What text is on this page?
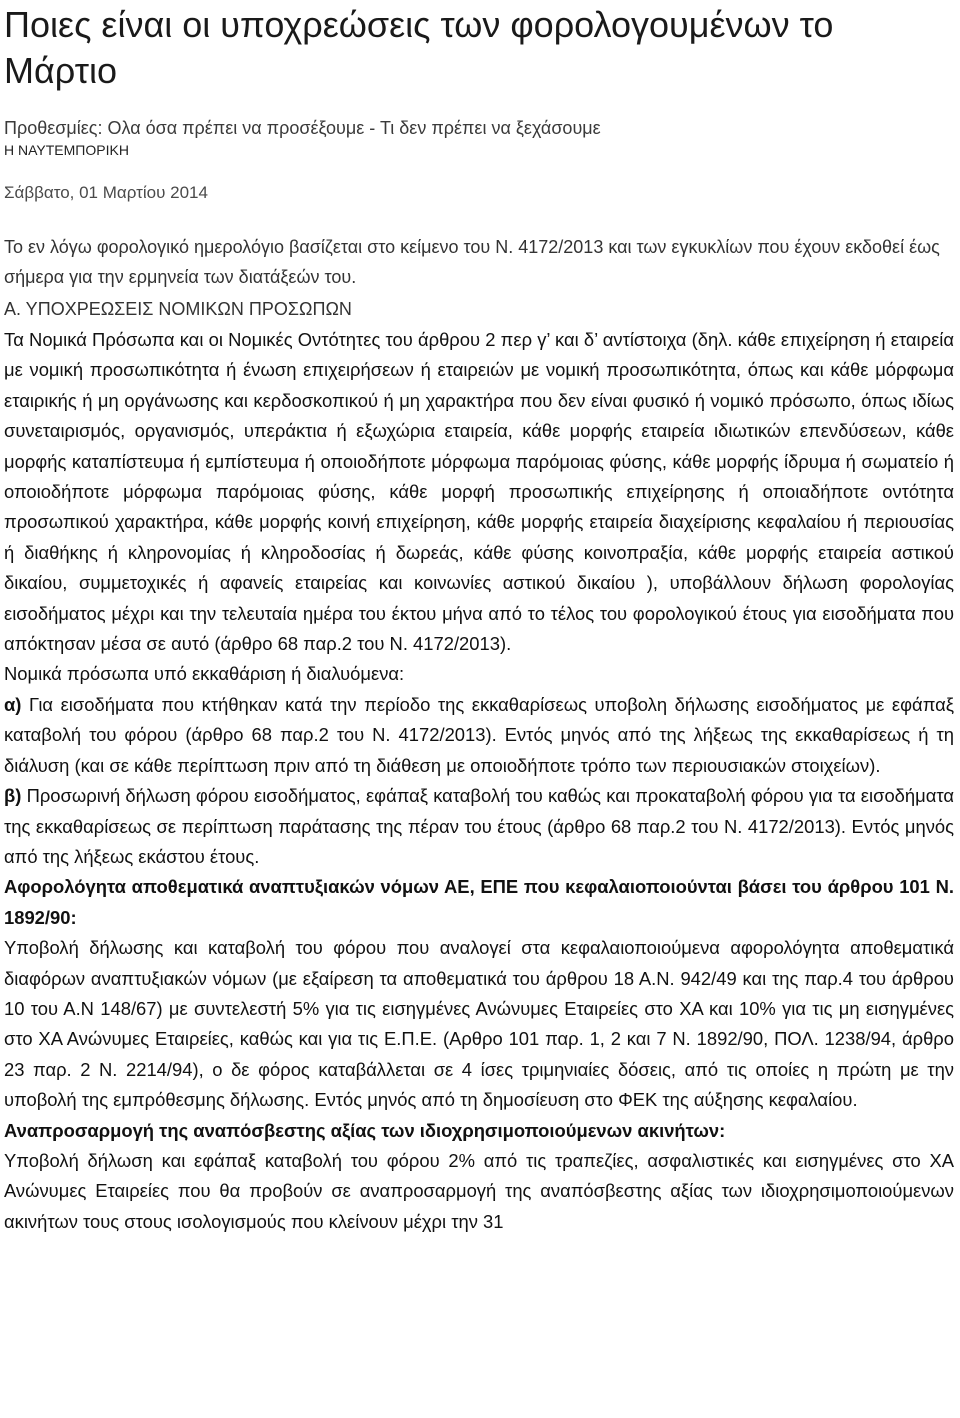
Ποιες είναι οι υποχρεώσεις των φορολογουμένων το Μάρτιο
Προθεσμίες: Ολα όσα πρέπει να προσέξουμε - Τι δεν πρέπει να ξεχάσουμε
Η ΝΑΥΤΕΜΠΟΡΙΚΗ
Σάββατο, 01 Μαρτίου 2014

Το εν λόγω φορολογικό ημερολόγιο βασίζεται στο κείμενο του Ν. 4172/2013 και των εγκυκλίων που έχουν εκδοθεί έως σήμερα για την ερμηνεία των διατάξεών του.

Α. ΥΠΟΧΡΕΩΣΕΙΣ ΝΟΜΙΚΩΝ ΠΡΟΣΩΠΩΝ

Τα Νομικά Πρόσωπα και οι Νομικές Οντότητες του άρθρου 2 περ γ’ και δ’ αντίστοιχα (δηλ. κάθε επιχείρηση ή εταιρεία με νομική προσωπικότητα ή ένωση επιχειρήσεων ή εταιρειών με νομική προσωπικότητα, όπως και κάθε μόρφωμα εταιρικής ή μη οργάνωσης και κερδοσκοπικού ή μη χαρακτήρα που δεν είναι φυσικό ή νομικό πρόσωπο, όπως ιδίως συνεταιρισμός, οργανισμός, υπεράκτια ή εξωχώρια εταιρεία, κάθε μορφής εταιρεία ιδιωτικών επενδύσεων, κάθε μορφής καταπίστευμα ή εμπίστευμα ή οποιοδήποτε μόρφωμα παρόμοιας φύσης, κάθε μορφής ίδρυμα ή σωματείο ή οποιοδήποτε μόρφωμα παρόμοιας φύσης, κάθε μορφή προσωπικής επιχείρησης ή οποιαδήποτε οντότητα προσωπικού χαρακτήρα, κάθε μορφής κοινή επιχείρηση, κάθε μορφής εταιρεία διαχείρισης κεφαλαίου ή περιουσίας ή διαθήκης ή κληρονομίας ή κληροδοσίας ή δωρεάς, κάθε φύσης κοινοπραξία, κάθε μορφής εταιρεία αστικού δικαίου, συμμετοχικές ή αφανείς εταιρείας και κοινωνίες αστικού δικαίου ), υποβάλλουν δήλωση φορολογίας εισοδήματος μέχρι και την τελευταία ημέρα του έκτου μήνα από το τέλος του φορολογικού έτους για εισοδήματα που απόκτησαν μέσα σε αυτό (άρθρο 68 παρ.2 του Ν. 4172/2013).

Νομικά πρόσωπα υπό εκκαθάριση ή διαλυόμενα:

α) Για εισοδήματα που κτήθηκαν κατά την περίοδο της εκκαθαρίσεως υποβολη δήλωσης εισοδήματος με εφάπαξ καταβολή του φόρου (άρθρο 68 παρ.2 του Ν. 4172/2013). Εντός μηνός από της λήξεως της εκκαθαρίσεως ή τη διάλυση (και σε κάθε περίπτωση πριν από τη διάθεση με οποιοδήποτε τρόπο των περιουσιακών στοιχείων).

β) Προσωρινή δήλωση φόρου εισοδήματος, εφάπαξ καταβολή του καθώς και προκαταβολή φόρου για τα εισοδήματα της εκκαθαρίσεως σε περίπτωση παράτασης της πέραν του έτους (άρθρο 68 παρ.2 του Ν. 4172/2013). Εντός μηνός από της λήξεως εκάστου έτους.

Αφορολόγητα αποθεματικά αναπτυξιακών νόμων ΑΕ, ΕΠΕ που κεφαλαιοποιούνται βάσει του άρθρου 101 Ν. 1892/90:

Υποβολή δήλωσης και καταβολή του φόρου που αναλογεί στα κεφαλαιοποιούμενα αφορολόγητα αποθεματικά διαφόρων αναπτυξιακών νόμων (με εξαίρεση τα αποθεματικά του άρθρου 18 Α.Ν. 942/49 και της παρ.4 του άρθρου 10 του Α.Ν 148/67) με συντελεστή 5% για τις εισηγμένες Ανώνυμες Εταιρείες στο ΧΑ και 10% για τις μη εισηγμένες στο ΧΑ Ανώνυμες Εταιρείες, καθώς και για τις Ε.Π.Ε. (Αρθρο 101 παρ. 1, 2 και 7 Ν. 1892/90, ΠΟΛ. 1238/94, άρθρο 23 παρ. 2 Ν. 2214/94), ο δε φόρος καταβάλλεται σε 4 ίσες τριμηνιαίες δόσεις, από τις οποίες η πρώτη με την υποβολή της εμπρόθεσμης δήλωσης. Εντός μηνός από τη δημοσίευση στο ΦΕΚ της αύξησης κεφαλαίου.

Αναπροσαρμογή της αναπόσβεστης αξίας των ιδιοχρησιμοποιούμενων ακινήτων:

Υποβολή δήλωση και εφάπαξ καταβολή του φόρου 2% από τις τραπεζίες, ασφαλιστικές και εισηγμένες στο ΧΑ Ανώνυμες Εταιρείες που θα προβούν σε αναπροσαρμογή της αναπόσβεστης αξίας των ιδιοχρησιμοποιούμενων ακινήτων τους στους ισολογισμούς που κλείνουν μέχρι την 31
